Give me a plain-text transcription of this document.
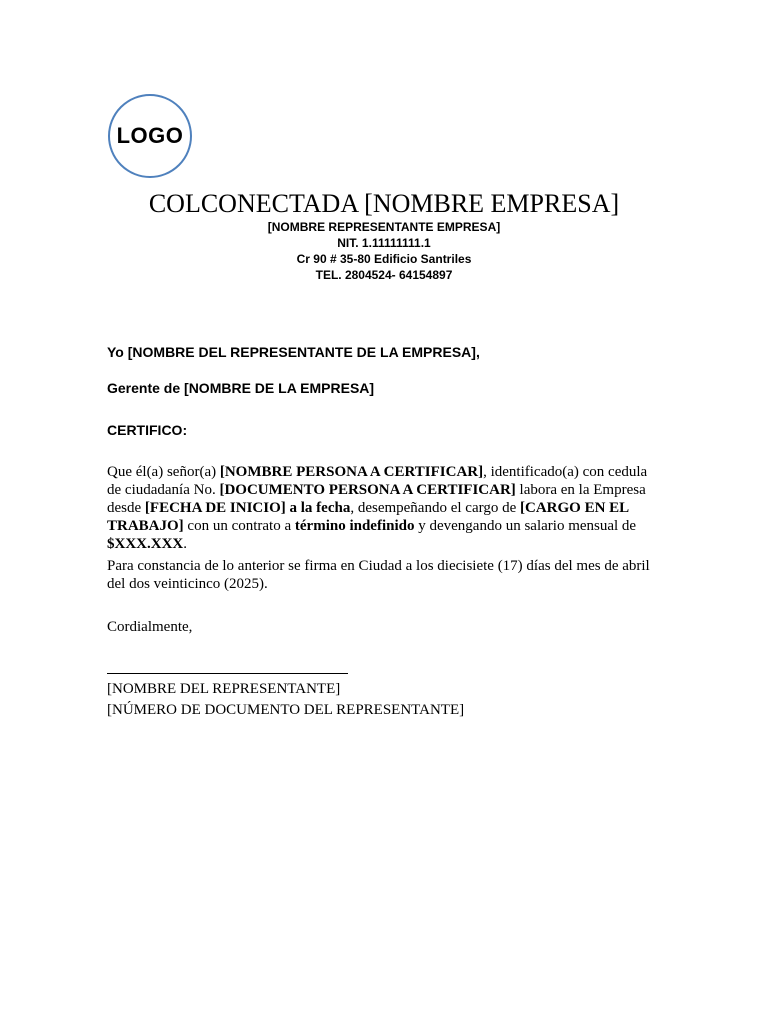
LOGO
COLCONECTADA [NOMBRE EMPRESA]
[NOMBRE REPRESENTANTE EMPRESA]
NIT. 1.11111111.1
Cr 90 # 35-80 Edificio Santriles
TEL. 2804524- 64154897
Yo [NOMBRE DEL REPRESENTANTE DE LA EMPRESA],
Gerente de [NOMBRE DE LA EMPRESA]
CERTIFICO:
Que él(a) señor(a) [NOMBRE PERSONA A CERTIFICAR], identificado(a) con cedula de ciudadanía No. [DOCUMENTO PERSONA A CERTIFICAR] labora en la Empresa desde [FECHA DE INICIO] a la fecha, desempeñando el cargo de [CARGO EN EL TRABAJO] con un contrato a término indefinido y devengando un salario mensual de $XXX.XXX.
Para constancia de lo anterior se firma en Ciudad a los diecisiete (17) días del mes de abril del dos veinticinco (2025).
Cordialmente,
[NOMBRE DEL REPRESENTANTE]
[NÚMERO DE DOCUMENTO DEL REPRESENTANTE]
